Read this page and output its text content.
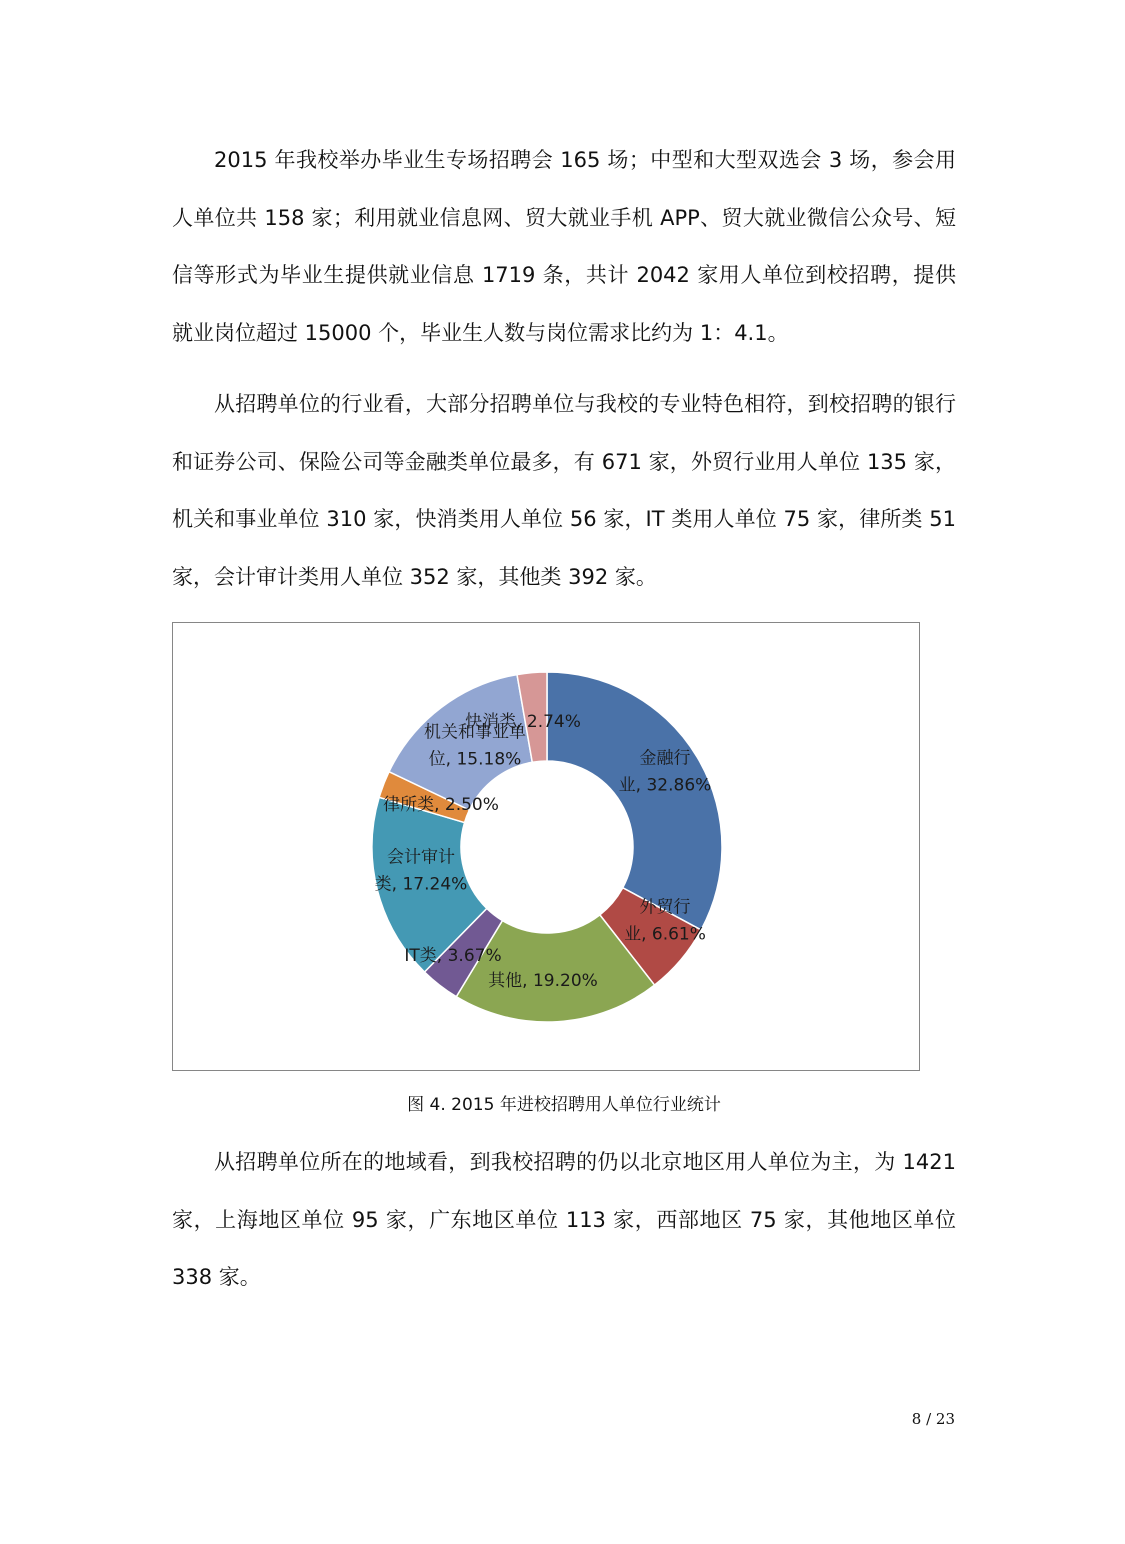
2015 年我校举办毕业生专场招聘会 165 场；中型和大型双选会 3 场，参会用人单位共 158 家；利用就业信息网、贸大就业手机 APP、贸大就业微信公众号、短信等形式为毕业生提供就业信息 1719 条，共计 2042 家用人单位到校招聘，提供就业岗位超过 15000 个，毕业生人数与岗位需求比约为 1：4.1。

从招聘单位的行业看，大部分招聘单位与我校的专业特色相符，到校招聘的银行和证券公司、保险公司等金融类单位最多，有 671 家，外贸行业用人单位 135 家，机关和事业单位 310 家，快消类用人单位 56 家，IT 类用人单位 75 家，律所类 51 家，会计审计类用人单位 352 家，其他类 392 家。

金融行业, 32.86%
外贸行业, 6.61%
其他, 19.20%
IT类, 3.67%
会计审计类, 17.24%
律所类, 2.50%
机关和事业单位, 15.18%
快消类, 2.74%
图 4. 2015 年进校招聘用人单位行业统计

从招聘单位所在的地域看，到我校招聘的仍以北京地区用人单位为主，为 1421 家，上海地区单位 95 家，广东地区单位 113 家，西部地区 75 家，其他地区单位 338 家。

8 / 23
